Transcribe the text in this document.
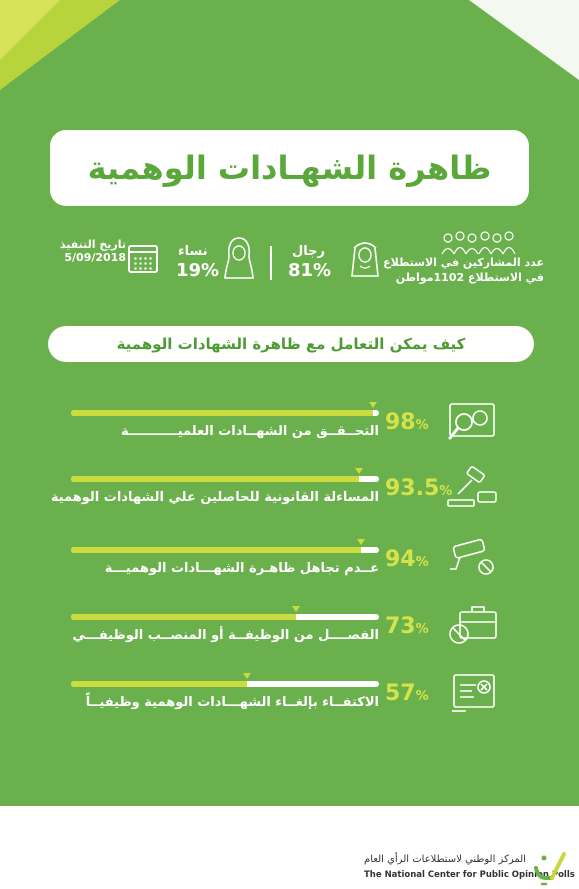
ظاهرة الشهـادات الوهمية
تاريخ التنفيذ
5/09/2018	نساء
19%
رجال
81%	عدد المشاركين في الاستطلاع
في الاستطلاع 1102مواطن
كيف يمكن التعامل مع ظاهرة الشهادات الوهمية
التحــقــق من الشهــادات العلميـــــــــــة 98%
المساءلة القانونية للحاصلين علي الشهادات الوهمية 93.5%
عــدم تجاهل ظاهـرة الشهـــادات الوهميـــة 94%
الفصــــل من الوظيفــة أو المنصــب الوظيفـــي 73%
الاكتفــاء بإلغــاء الشهـــادات الوهمية وظيفيــاً 57%
المركز الوطني لاستطلاعات الرأي العام
The National Center for Public Opinion Polls
